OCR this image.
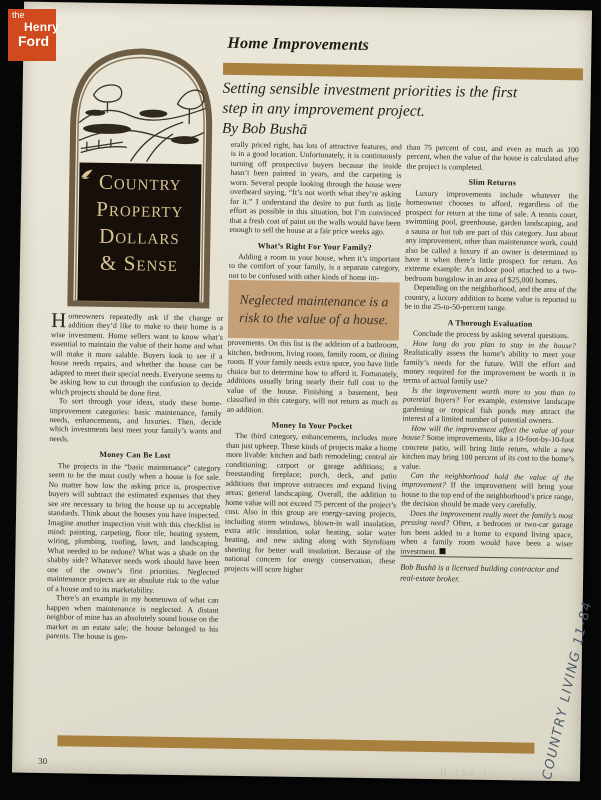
Home Improvements
Setting sensible investment priorities is the first
step in any improvement project.
By Bob Bushā
Country
Property
Dollars
& Sense

Homeowners repeatedly ask if the change or addition they’d like to make to their home is a wise investment. Home sellers want to know what’s essential to maintain the value of their home and what will make it more salable. Buyers look to see if a house needs repairs, and whether the house can be adapted to meet their special needs. Everyone seems to be asking how to cut through the confusion to decide which projects should be done first.

To sort through your ideas, study these home-improvement categories: basic maintenance, family needs, enhancements, and luxuries. Then, decide which investments best meet your family’s wants and needs.

Money Can Be Lost

The projects in the “basic maintenance” category seem to be the most costly when a house is for sale. No matter how low the asking price is, prospective buyers will subtract the estimated expenses that they see are necessary to bring the house up to acceptable standards. Think about the houses you have inspected. Imagine another inspection visit with this checklist in mind: painting, carpeting, floor tile, heating system, wiring, plumbing, roofing, lawn, and landscaping. What needed to be redone? What was a shade on the shabby side? Whatever needs work should have been one of the owner’s first priorities. Neglected maintenance projects are an absolute risk to the value of a house and to its marketability.

There’s an example in my hometown of what can happen when maintenance is neglected. A distant neighbor of mine has an absolutely sound house on the market as an estate sale; the house belonged to his parents. The house is gen-

erally priced right, has lots of attractive features, and is in a good location. Unfortunately, it is continuously turning off prospective buyers because the inside hasn’t been painted in years, and the carpeting is worn. Several people looking through the house were overheard saying, “It’s not worth what they’re asking for it.” I understand the desire to put forth as little effort as possible in this situation, but I’m convinced that a fresh coat of paint on the walls would have been enough to sell the house at a fair price weeks ago.

What’s Right For Your Family?

Adding a room to your house, when it’s important to the comfort of your family, is a separate category, not to be confused with other kinds of home im-

Neglected maintenance is a risk to the value of a house.

provements. On this list is the addition of a bathroom, kitchen, bedroom, living room, family room, or dining room. If your family needs extra space, you have little choice but to determine how to afford it. Fortunately, additions usually bring nearly their full cost to the value of the house. Finishing a basement, best classified in this category, will not return as much as an addition.

Money In Your Pocket

The third category, enhancements, includes more than just upkeep. These kinds of projects make a home more livable: kitchen and bath remodeling; central air conditioning; carport or garage additions; a freestanding fireplace; porch, deck, and patio additions that improve entrances and expand living areas; general landscaping. Overall, the addition to home value will not exceed 75 percent of the project’s cost. Also in this group are energy-saving projects, including storm windows, blown-in wall insulation, extra attic insulation, solar heating, solar water heating, and new siding along with Styrofoam sheeting for better wall insulation. Because of the national concern for energy conservation, these projects will score higher

than 75 percent of cost, and even as much as 100 percent, when the value of the house is calculated after the project is completed.

Slim Returns

Luxury improvements include whatever the homeowner chooses to afford, regardless of the prospect for return at the time of sale. A tennis court, swimming pool, greenhouse, garden landscaping, and a sauna or hot tub are part of this category. Just about any improvement, other than maintenance work, could also be called a luxury if an owner is determined to have it when there’s little prospect for return. An extreme example: An indoor pool attached to a two-bedroom bungalow in an area of $25,000 homes.

Depending on the neighborhood, and the area of the country, a luxury addition to home value is reported to be in the 25-to-50-percent range.

A Thorough Evaluation

Conclude the process by asking several questions.

How long do you plan to stay in the house?Realistically assess the home’s ability to meet your family’s needs for the future. Will the effort and money required for the improvement be worth it in terms of actual family use?

Is the improvement worth more to you than to potential buyers? For example, extensive landscape gardening or tropical fish ponds may attract the interest of a limited number of potential owners.

How will the improvement affect the value of your house? Some improvements, like a 10-foot-by-10-foot concrete patio, will bring little return, while a new kitchen may bring 100 percent of its cost to the home’s value.

Can the neighborhood hold the value of the improvement? If the improvement will bring your house to the top end of the neighborhood’s price range, the decision should be made very carefully.

Does the improvement really meet the family’s most pressing need? Often, a bedroom or two-car garage has been added to a home to expand living space, when a family room would have been a wiser investment.

Bob Bushā is a licensed building contractor and real-estate broker.

30
H 190.1	COUNTRY LIVING 11-84
the
Henry
Ford
